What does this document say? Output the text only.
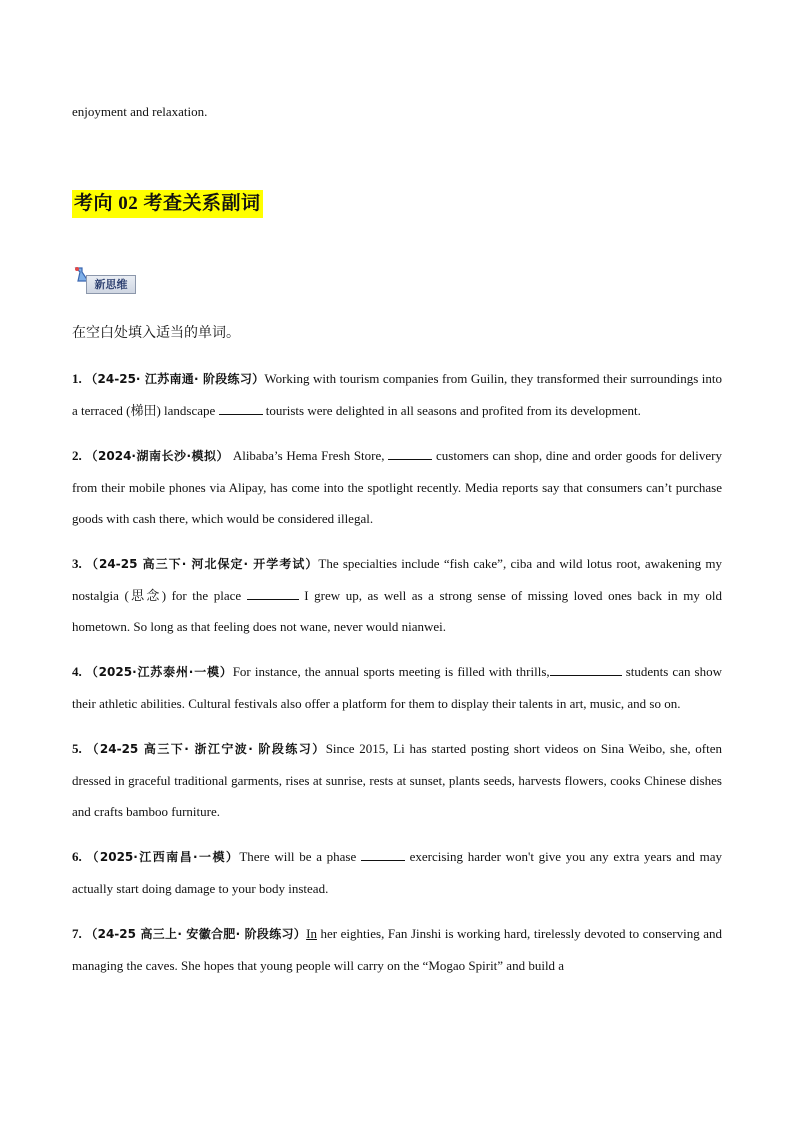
enjoyment and relaxation.
考向 02 考查关系副词
新思维
在空白处填入适当的单词。
1. （24-25· 江苏南通· 阶段练习）Working with tourism companies from Guilin, they transformed their surroundings into a terraced (梯田) landscape	tourists were delighted in all seasons and profited from its development.
2. （2024·湖南长沙·模拟） Alibaba’s Hema Fresh Store,	customers can shop, dine and order goods for delivery from their mobile phones via Alipay, has come into the spotlight recently. Media reports say that consumers can’t purchase goods with cash there, which would be considered illegal.
3. （24-25 高三下· 河北保定· 开学考试）The specialties include “fish cake”, ciba and wild lotus root, awakening my nostalgia (思念) for the place	I grew up, as well as a strong sense of missing loved ones back in my old hometown. So long as that feeling does not wane, never would nianwei.
4. （2025·江苏泰州·一模）For instance, the annual sports meeting is filled with thrills,	students can show their athletic abilities. Cultural festivals also offer a platform for them to display their talents in art, music, and so on.
5. （24-25 高三下· 浙江宁波· 阶段练习）Since 2015, Li has started posting short videos on Sina Weibo, she, often dressed in graceful traditional garments, rises at sunrise, rests at sunset, plants seeds, harvests flowers, cooks Chinese dishes and crafts bamboo furniture.
6. （2025·江西南昌·一模）There will be a phase	exercising harder won't give you any extra years and may actually start doing damage to your body instead.
7. （24-25 高三上· 安徽合肥· 阶段练习）In her eighties, Fan Jinshi is working hard, tirelessly devoted to conserving and managing the caves. She hopes that young people will carry on the “Mogao Spirit” and build a
